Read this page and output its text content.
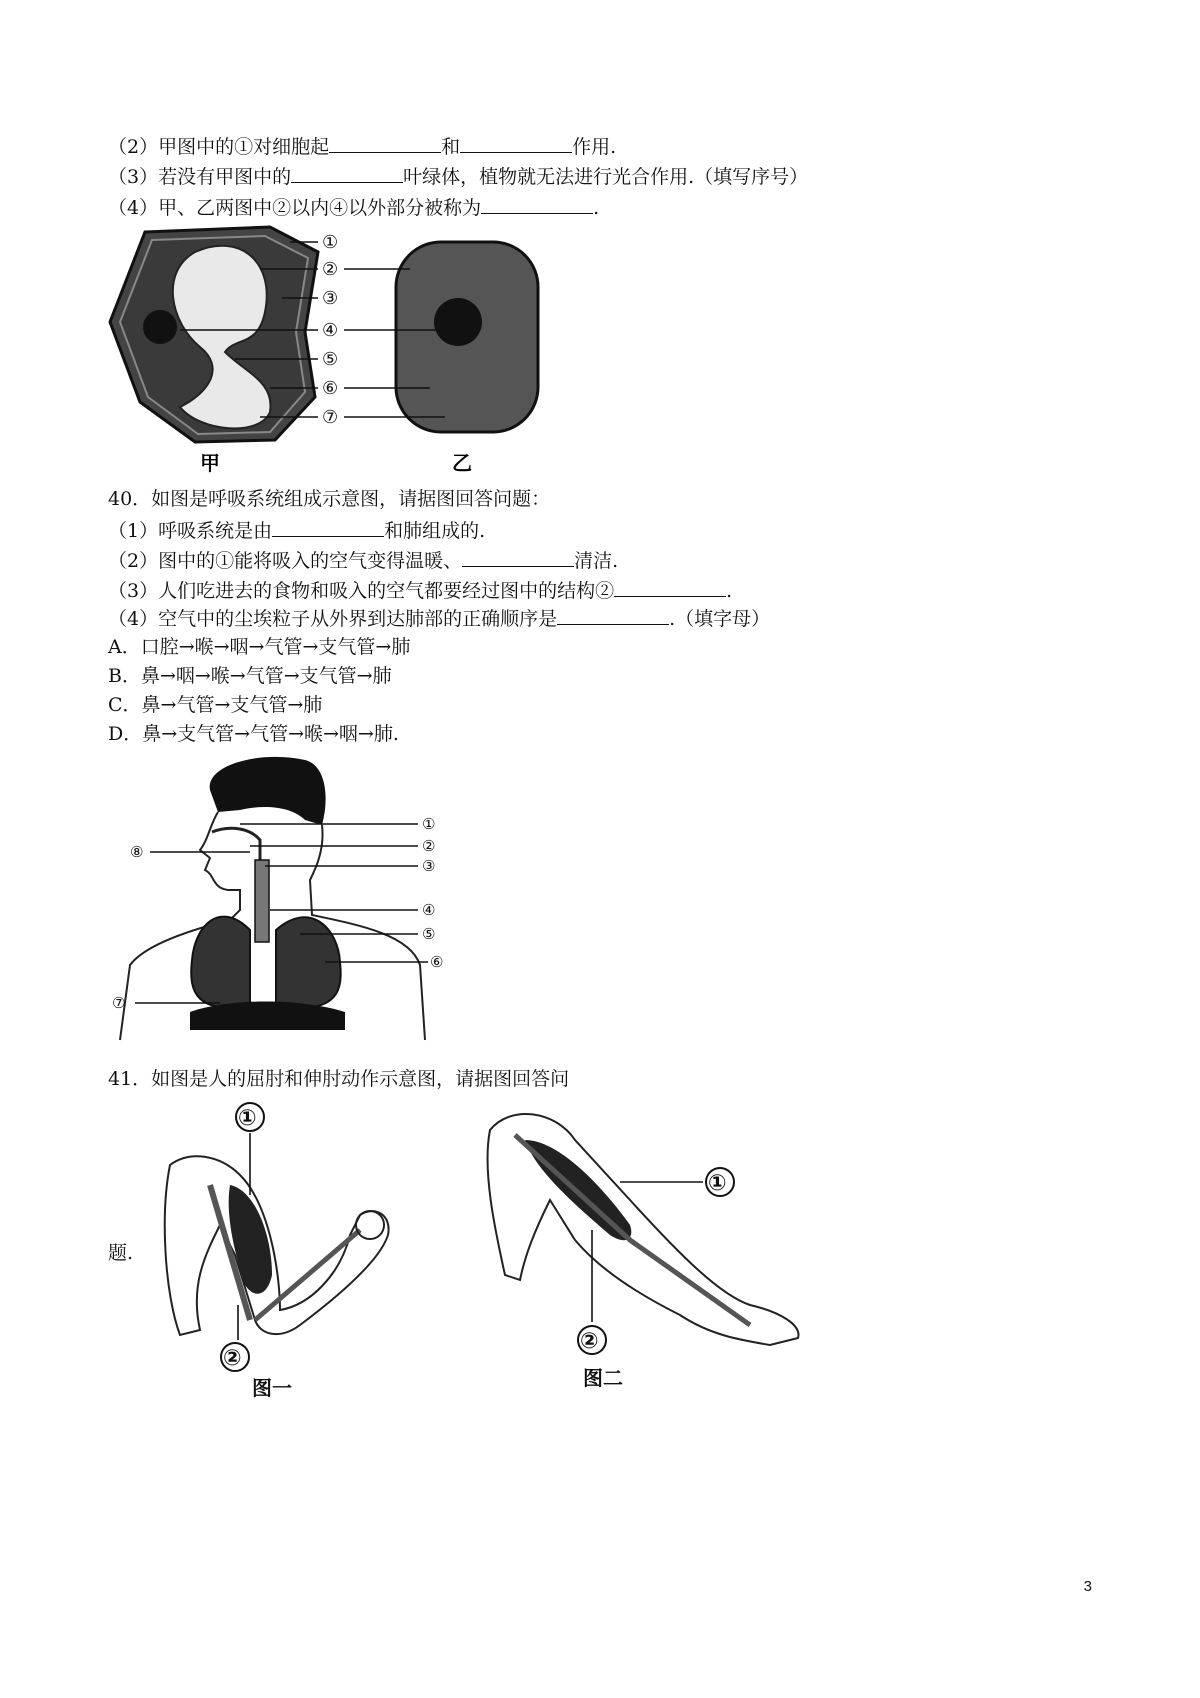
（2）甲图中的①对细胞起	和	作用.
（3）若没有甲图中的	叶绿体，植物就无法进行光合作用.（填写序号）
（4）甲、乙两图中②以内④以外部分被称为	.
①
②
③
④
⑤
⑥
⑦
甲	乙
40．如图是呼吸系统组成示意图，请据图回答问题：
（1）呼吸系统是由	和肺组成的.
（2）图中的①能将吸入的空气变得温暖、	清洁.
（3）人们吃进去的食物和吸入的空气都要经过图中的结构②	.
（4）空气中的尘埃粒子从外界到达肺部的正确顺序是	.（填字母）
A．口腔→喉→咽→气管→支气管→肺
B．鼻→咽→喉→气管→支气管→肺
C．鼻→气管→支气管→肺
D．鼻→支气管→气管→喉→咽→肺.
①
②
③
④
⑤
⑥
⑧
⑦
41．如图是人的屈肘和伸肘动作示意图，请据图回答问
题.
①
②
图一
①
②
图二
3
